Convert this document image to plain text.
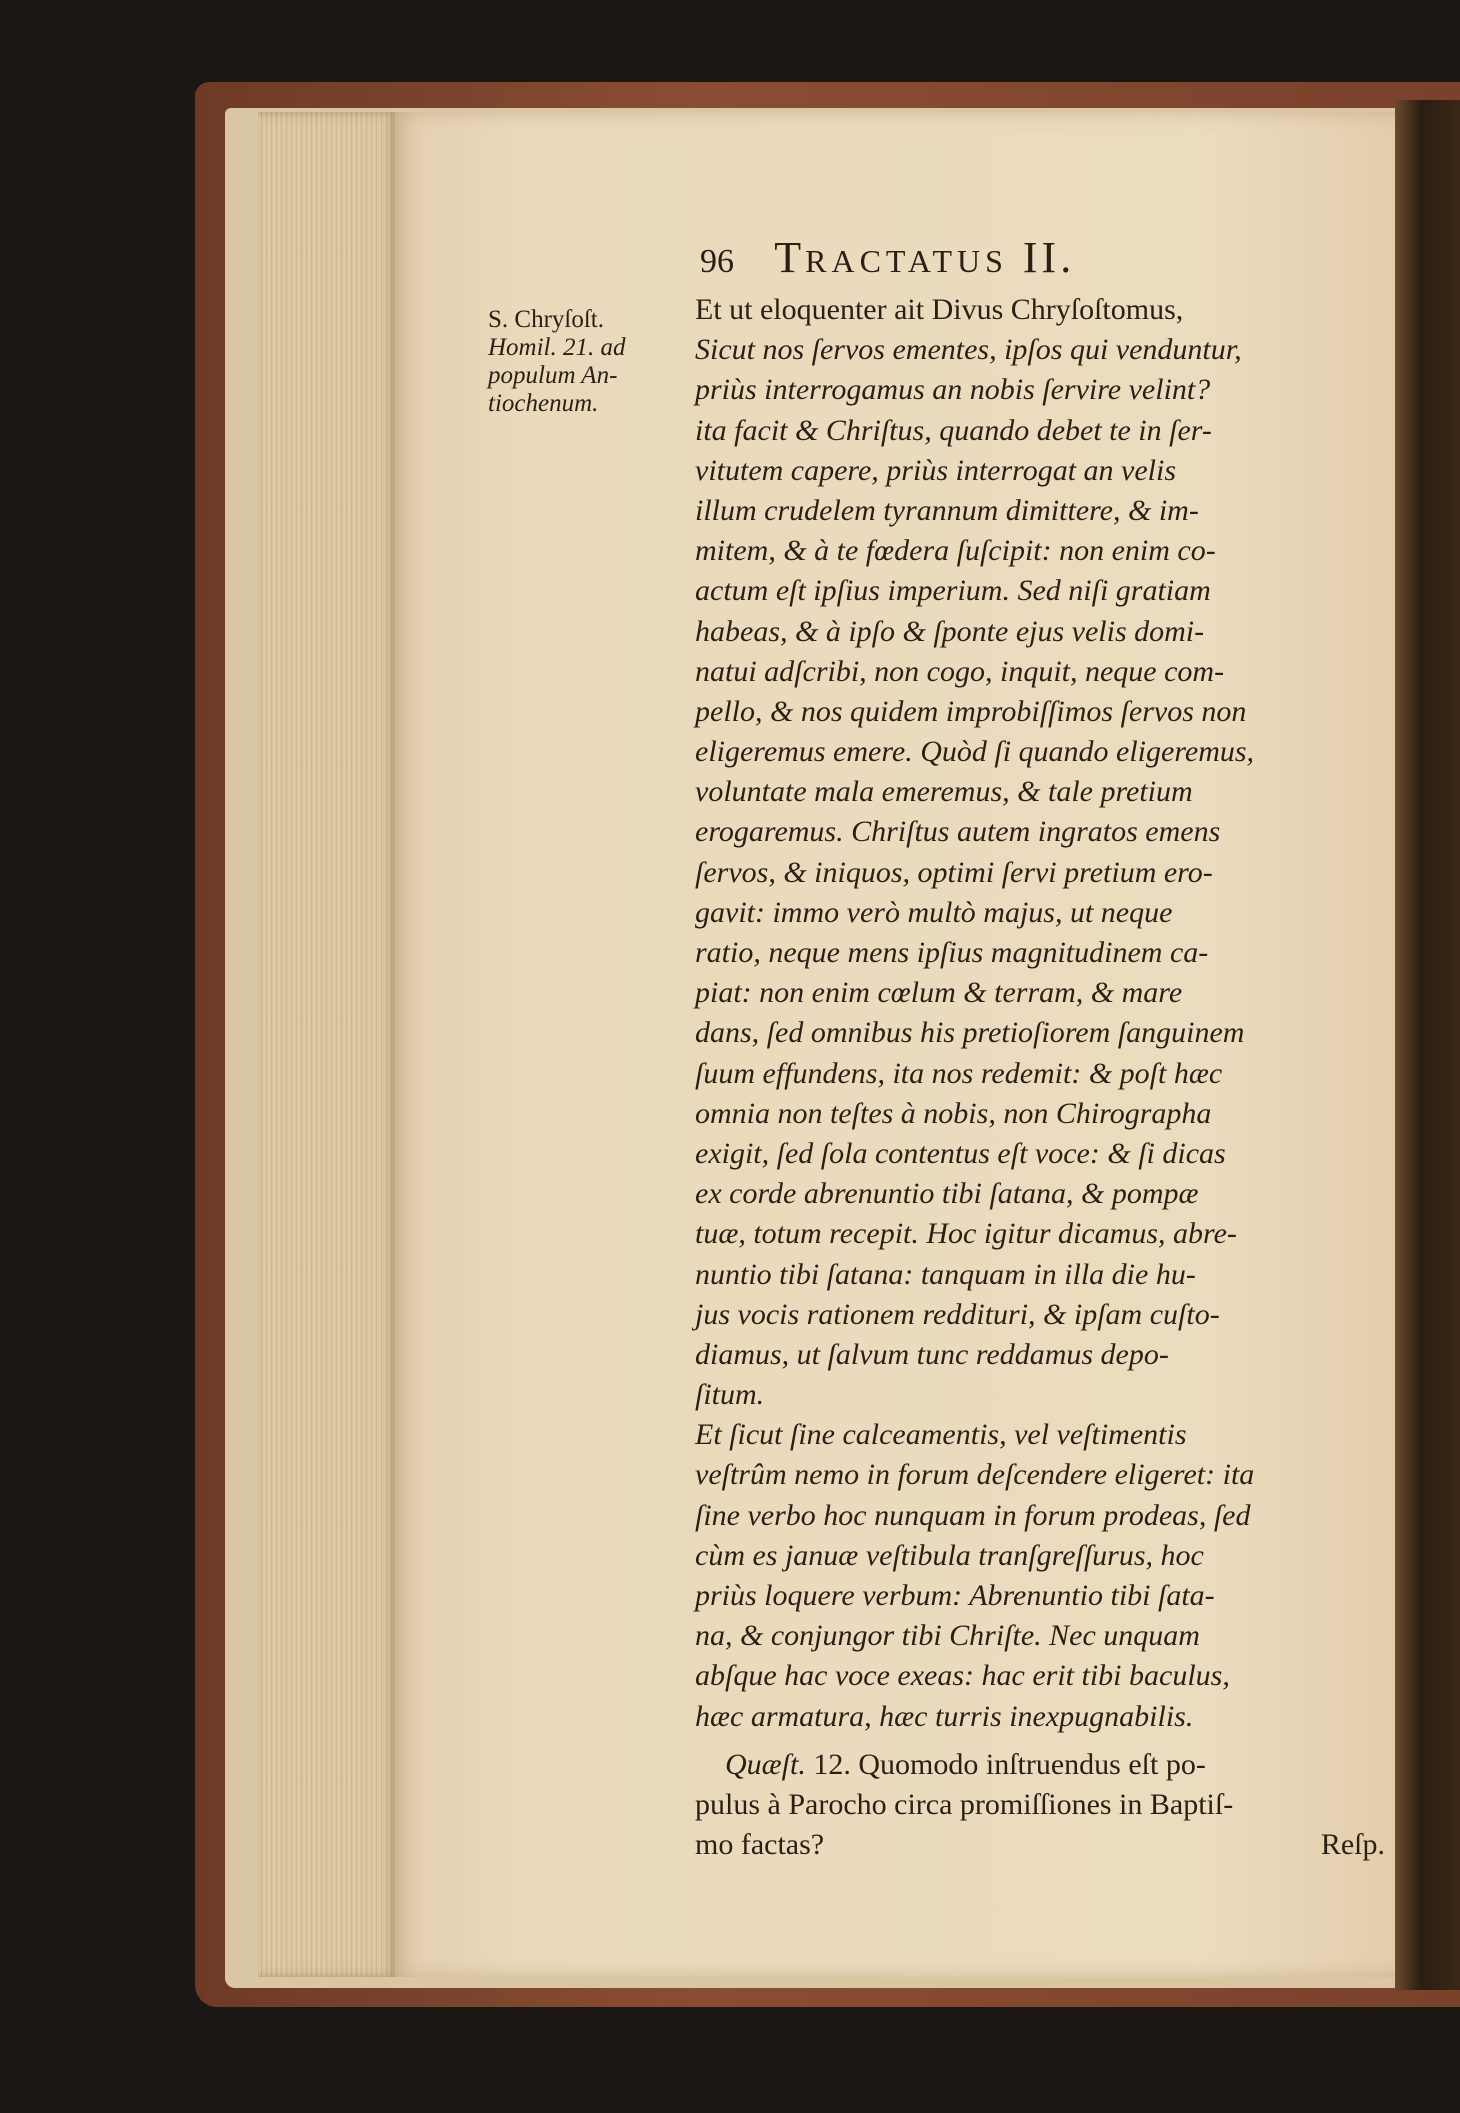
96 TRACTATUS II.
S. Chryſoſt.
Homil. 21. ad
populum An-
tiochenum.
Et ut eloquenter ait Divus Chryſoſtomus,
Sicut nos ſervos ementes, ipſos qui venduntur,
priùs interrogamus an nobis ſervire velint?
ita facit & Chriſtus, quando debet te in ſer-
vitutem capere, priùs interrogat an velis
illum crudelem tyrannum dimittere, & im-
mitem, & à te fœdera ſuſcipit: non enim co-
actum eſt ipſius imperium. Sed niſi gratiam
habeas, & à ipſo & ſponte ejus velis domi-
natui adſcribi, non cogo, inquit, neque com-
pello, & nos quidem improbiſſimos ſervos non
eligeremus emere. Quòd ſi quando eligeremus,
voluntate mala emeremus, & tale pretium
erogaremus. Chriſtus autem ingratos emens
ſervos, & iniquos, optimi ſervi pretium ero-
gavit: immo verò multò majus, ut neque
ratio, neque mens ipſius magnitudinem ca-
piat: non enim cœlum & terram, & mare
dans, ſed omnibus his pretioſiorem ſanguinem
ſuum effundens, ita nos redemit: & poſt hæc
omnia non teſtes à nobis, non Chirographa
exigit, ſed ſola contentus eſt voce: & ſi dicas
ex corde abrenuntio tibi ſatana, & pompæ
tuæ, totum recepit. Hoc igitur dicamus, abre-
nuntio tibi ſatana: tanquam in illa die hu-
jus vocis rationem reddituri, & ipſam cuſto-
diamus, ut ſalvum tunc reddamus depo-
ſitum.
Et ſicut ſine calceamentis, vel veſtimentis
veſtrûm nemo in forum deſcendere eligeret: ita
ſine verbo hoc nunquam in forum prodeas, ſed
cùm es januæ veſtibula tranſgreſſurus, hoc
priùs loquere verbum: Abrenuntio tibi ſata-
na, & conjungor tibi Chriſte. Nec unquam
abſque hac voce exeas: hac erit tibi baculus,
hæc armatura, hæc turris inexpugnabilis.
 Quæſt. 12. Quomodo inſtruendus eſt po-
pulus à Parocho circa promiſſiones in Baptiſ-
mo factas?	Reſp.
